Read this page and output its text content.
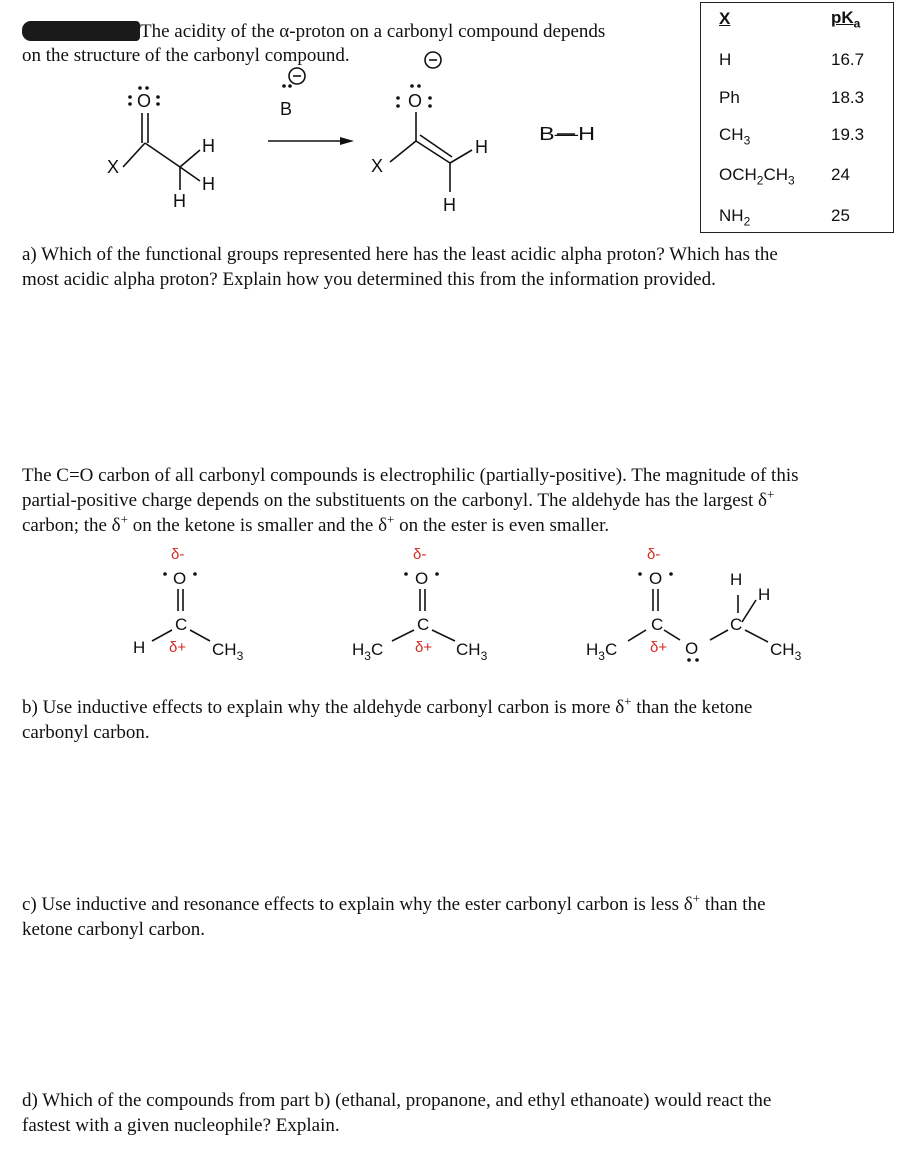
The acidity of the α-proton on a carbonyl compound depends

on the structure of the carbonyl compound.

X	$pK_a$
H	16.7
Ph	18.3
$CH_3$	19.3
$OCH_2CH_3$ 24
$NH_2$	25
O
X
H
H
H
B	O
X
H
H
B—H
δ-
O
C
H $\delta+ CH_3$
δ-
O
C
$H_3C$ $\delta+ CH_3$
δ-
O
C
$H_3C$ δ+ O
C
H
H
$CH_3$

a) Which of the functional groups represented here has the least acidic alpha proton? Which has the

most acidic alpha proton? Explain how you determined this from the information provided.

The C=O carbon of all carbonyl compounds is electrophilic (partially-positive). The magnitude of this

partial-positive charge depends on the substituents on the carbonyl. The aldehyde has the largest δ+

carbon; the δ+ on the ketone is smaller and the δ+ on the ester is even smaller.

b) Use inductive effects to explain why the aldehyde carbonyl carbon is more δ+ than the ketone

carbonyl carbon.

c) Use inductive and resonance effects to explain why the ester carbonyl carbon is less δ+ than the

ketone carbonyl carbon.

d) Which of the compounds from part b) (ethanal, propanone, and ethyl ethanoate) would react the

fastest with a given nucleophile? Explain.
